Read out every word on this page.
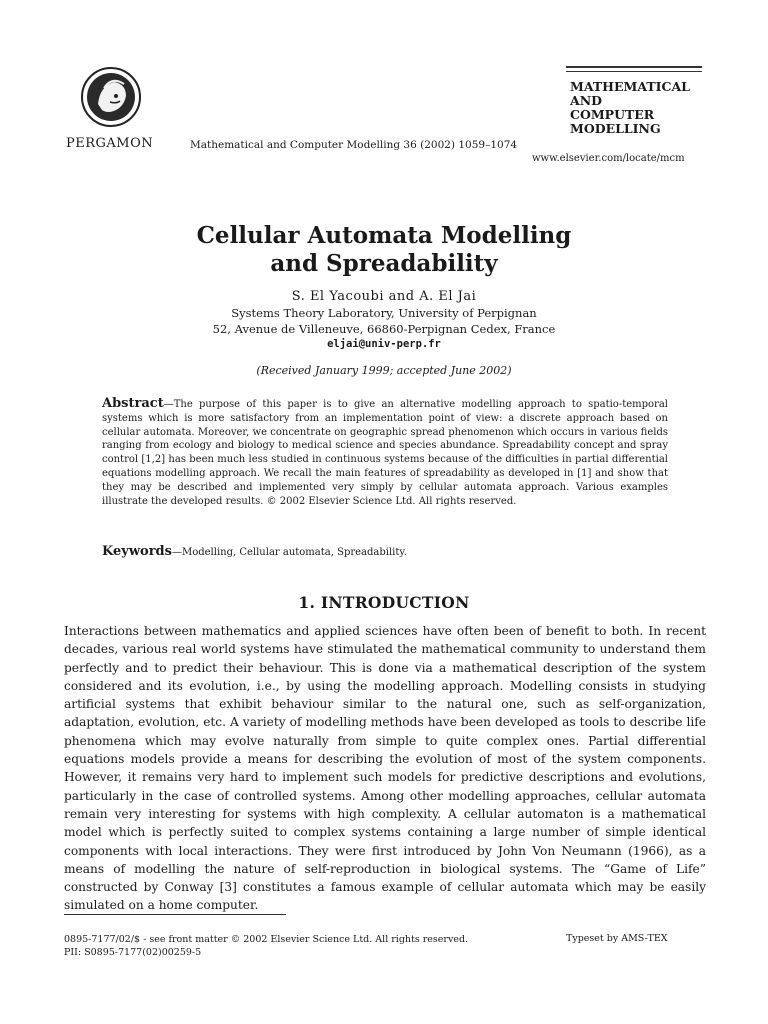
PERGAMON	Mathematical and Computer Modelling 36 (2002) 1059–1074
MATHEMATICAL
AND
COMPUTER
MODELLING
www.elsevier.com/locate/mcm
Cellular Automata Modelling
and Spreadability
S. El Yacoubi and A. El Jai
Systems Theory Laboratory, University of Perpignan
52, Avenue de Villeneuve, 66860-Perpignan Cedex, France
eljai@univ-perp.fr
(Received January 1999; accepted June 2002)
Abstract—The purpose of this paper is to give an alternative modelling approach to spatio-temporal systems which is more satisfactory from an implementation point of view: a discrete approach based on cellular automata. Moreover, we concentrate on geographic spread phenomenon which occurs in various fields ranging from ecology and biology to medical science and species abundance. Spreadability concept and spray control [1,2] has been much less studied in continuous systems because of the difficulties in partial differential equations modelling approach. We recall the main features of spreadability as developed in [1] and show that they may be described and implemented very simply by cellular automata approach. Various examples illustrate the developed results. © 2002 Elsevier Science Ltd. All rights reserved.
Keywords—Modelling, Cellular automata, Spreadability.
1. INTRODUCTION
Interactions between mathematics and applied sciences have often been of benefit to both. In recent decades, various real world systems have stimulated the mathematical community to understand them perfectly and to predict their behaviour. This is done via a mathematical description of the system considered and its evolution, i.e., by using the modelling approach. Modelling consists in studying artificial systems that exhibit behaviour similar to the natural one, such as self-organization, adaptation, evolution, etc. A variety of modelling methods have been developed as tools to describe life phenomena which may evolve naturally from simple to quite complex ones. Partial differential equations models provide a means for describing the evolution of most of the system components. However, it remains very hard to implement such models for predictive descriptions and evolutions, particularly in the case of controlled systems. Among other modelling approaches, cellular automata remain very interesting for systems with high complexity. A cellular automaton is a mathematical model which is perfectly suited to complex systems containing a large number of simple identical components with local interactions. They were first introduced by John Von Neumann (1966), as a means of modelling the nature of self-reproduction in biological systems. The “Game of Life” constructed by Conway [3] constitutes a famous example of cellular automata which may be easily simulated on a home computer.
0895-7177/02/$ - see front matter © 2002 Elsevier Science Ltd. All rights reserved.
PII: S0895-7177(02)00259-5
Typeset by AMS-TEX
